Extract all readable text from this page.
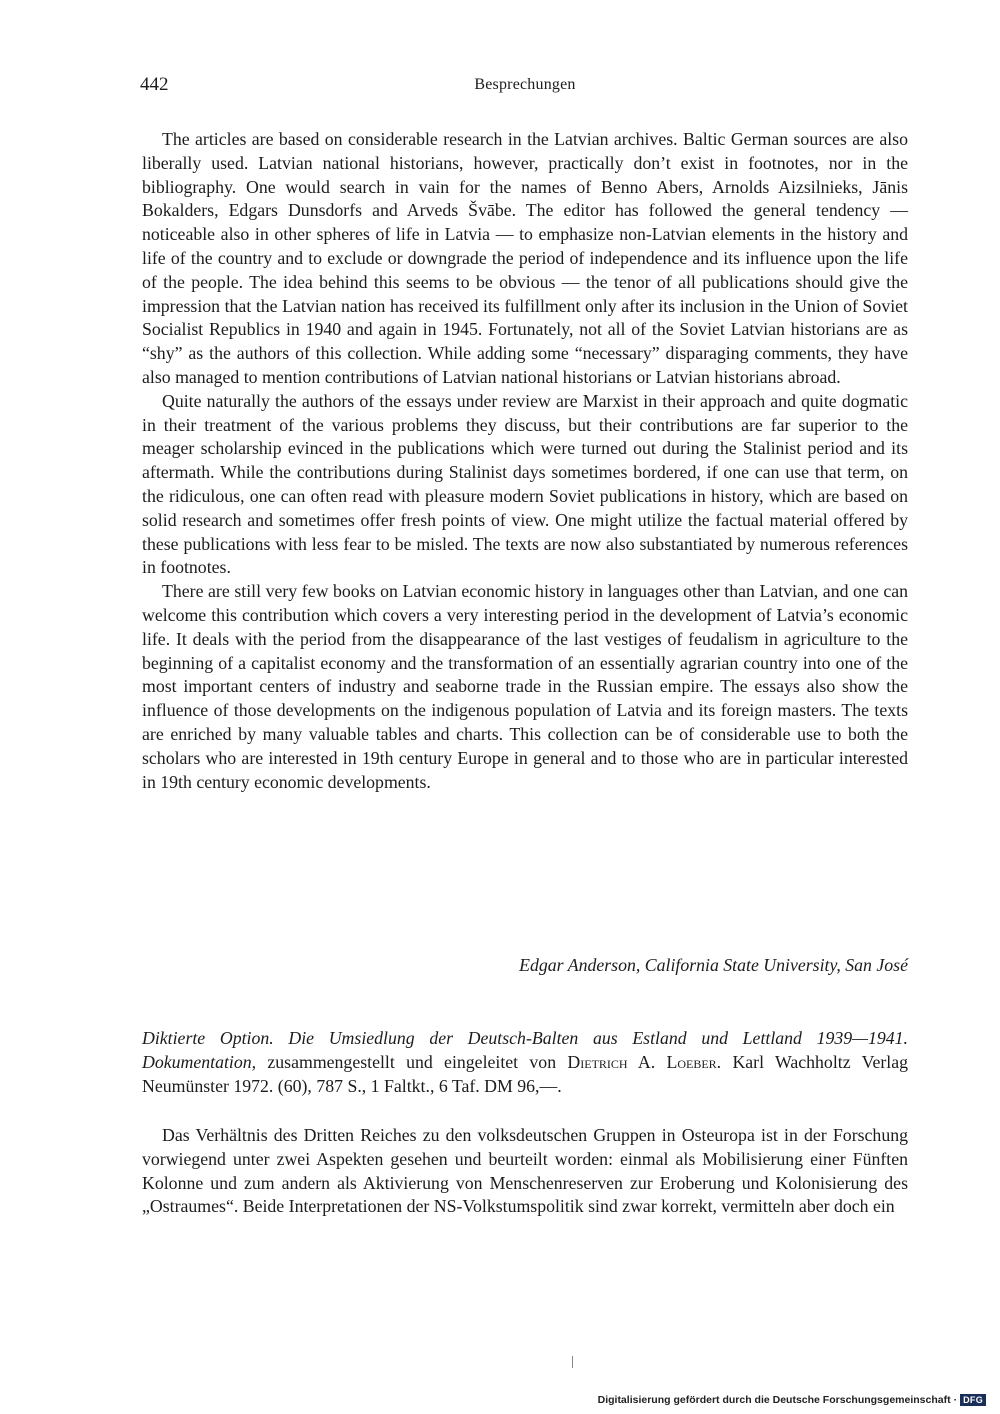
442	Besprechungen

The articles are based on considerable research in the Latvian archives. Baltic German sources are also liberally used. Latvian national historians, however, practically don’t exist in footnotes, nor in the bibliography. One would search in vain for the names of Benno Abers, Arnolds Aizsilnieks, Jānis Bokalders, Edgars Dunsdorfs and Arveds Švābe. The editor has followed the general tendency — noticeable also in other spheres of life in Latvia — to emphasize non-Latvian elements in the history and life of the country and to exclude or downgrade the period of independence and its influence upon the life of the people. The idea behind this seems to be obvious — the tenor of all publications should give the impression that the Latvian nation has received its fulfillment only after its inclusion in the Union of Soviet Socialist Republics in 1940 and again in 1945. Fortunately, not all of the Soviet Latvian historians are as “shy” as the authors of this collection. While adding some “necessary” disparaging comments, they have also managed to mention contributions of Latvian national historians or Latvian historians abroad.

Quite naturally the authors of the essays under review are Marxist in their approach and quite dogmatic in their treatment of the various problems they discuss, but their contributions are far superior to the meager scholarship evinced in the publications which were turned out during the Stalinist period and its aftermath. While the contributions during Stalinist days sometimes bordered, if one can use that term, on the ridiculous, one can often read with pleasure modern Soviet publications in history, which are based on solid research and sometimes offer fresh points of view. One might utilize the factual material offered by these publications with less fear to be misled. The texts are now also substantiated by numerous references in footnotes.

There are still very few books on Latvian economic history in languages other than Latvian, and one can welcome this contribution which covers a very interesting period in the development of Latvia’s economic life. It deals with the period from the disappearance of the last vestiges of feudalism in agriculture to the beginning of a capitalist economy and the transformation of an essentially agrarian country into one of the most important centers of industry and seaborne trade in the Russian empire. The essays also show the influence of those developments on the indigenous population of Latvia and its foreign masters. The texts are enriched by many valuable tables and charts. This collection can be of considerable use to both the scholars who are interested in 19th century Europe in general and to those who are in particular interested in 19th century economic developments.

Edgar Anderson, California State University, San José
Diktierte Option. Die Umsiedlung der Deutsch-Balten aus Estland und Lettland 1939—1941. Dokumentation, zusammengestellt und eingeleitet von Dietrich A. Loeber. Karl Wachholtz Verlag Neumünster 1972. (60), 787 S., 1 Faltkt., 6 Taf. DM 96,—.

Das Verhältnis des Dritten Reiches zu den volksdeutschen Gruppen in Osteuropa ist in der Forschung vorwiegend unter zwei Aspekten gesehen und beurteilt worden: einmal als Mobilisierung einer Fünften Kolonne und zum andern als Aktivierung von Menschenreserven zur Eroberung und Kolonisierung des „Ostraumes“. Beide Interpretationen der NS-Volkstumspolitik sind zwar korrekt, vermitteln aber doch ein

Digitalisierung gefördert durch die Deutsche Forschungsgemeinschaft · DFG
